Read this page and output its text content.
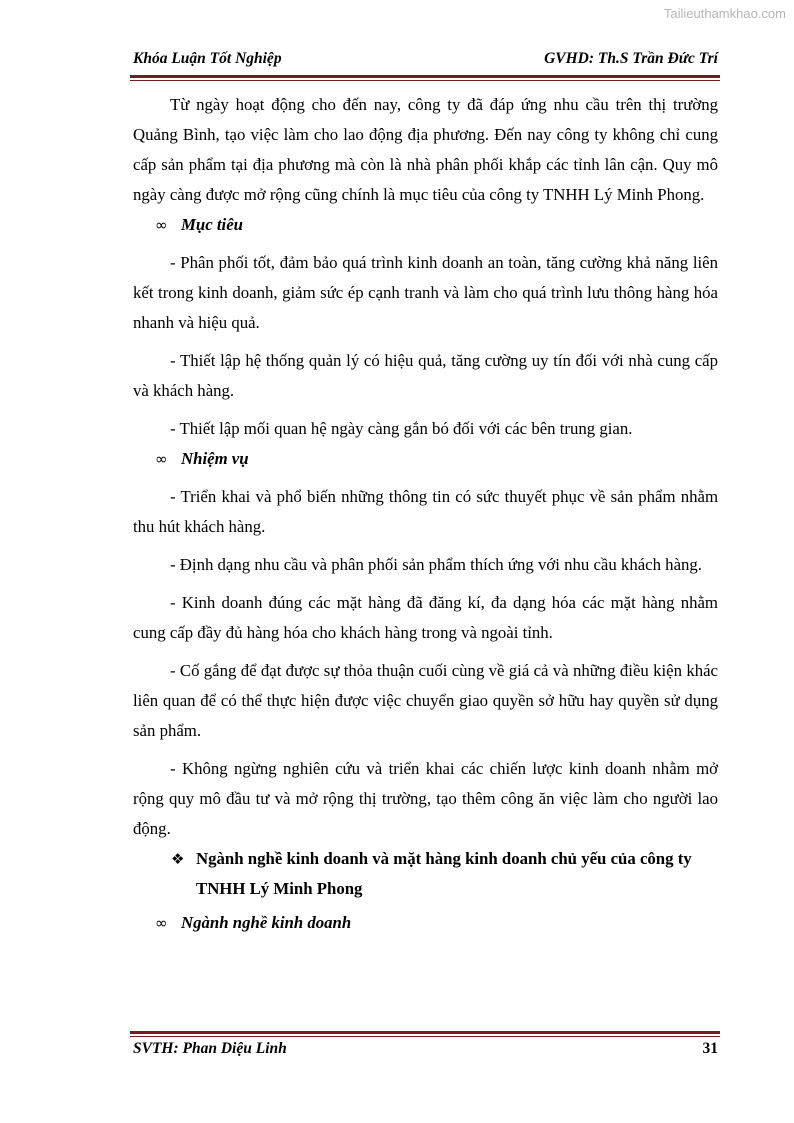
Tailieuthamkhao.com
Khóa Luận Tốt Nghiệp	GVHD: Th.S Trần Đức Trí

Từ ngày hoạt động cho đến nay, công ty đã đáp ứng nhu cầu trên thị trường Quảng Bình, tạo việc làm cho lao động địa phương. Đến nay công ty không chỉ cung cấp sản phẩm tại địa phương mà còn là nhà phân phối khắp các tỉnh lân cận. Quy mô ngày càng được mở rộng cũng chính là mục tiêu của công ty TNHH Lý Minh Phong.

∞ Mục tiêu

- Phân phối tốt, đảm bảo quá trình kinh doanh an toàn, tăng cường khả năng liên kết trong kinh doanh, giảm sức ép cạnh tranh và làm cho quá trình lưu thông hàng hóa nhanh và hiệu quả.

- Thiết lập hệ thống quản lý có hiệu quả, tăng cường uy tín đối với nhà cung cấp và khách hàng.

- Thiết lập mối quan hệ ngày càng gắn bó đối với các bên trung gian.

∞ Nhiệm vụ

- Triển khai và phổ biến những thông tin có sức thuyết phục về sản phẩm nhằm thu hút khách hàng.

- Định dạng nhu cầu và phân phối sản phẩm thích ứng với nhu cầu khách hàng.

- Kinh doanh đúng các mặt hàng đã đăng kí, đa dạng hóa các mặt hàng nhằm cung cấp đầy đủ hàng hóa cho khách hàng trong và ngoài tỉnh.

- Cố gắng để đạt được sự thỏa thuận cuối cùng về giá cả và những điều kiện khác liên quan để có thể thực hiện được việc chuyển giao quyền sở hữu hay quyền sử dụng sản phẩm.

- Không ngừng nghiên cứu và triển khai các chiến lược kinh doanh nhằm mở rộng quy mô đầu tư và mở rộng thị trường, tạo thêm công ăn việc làm cho người lao động.

❖ Ngành nghề kinh doanh và mặt hàng kinh doanh chủ yếu của công ty TNHH Lý Minh Phong

∞ Ngành nghề kinh doanh

SVTH: Phan Diệu Linh	31
